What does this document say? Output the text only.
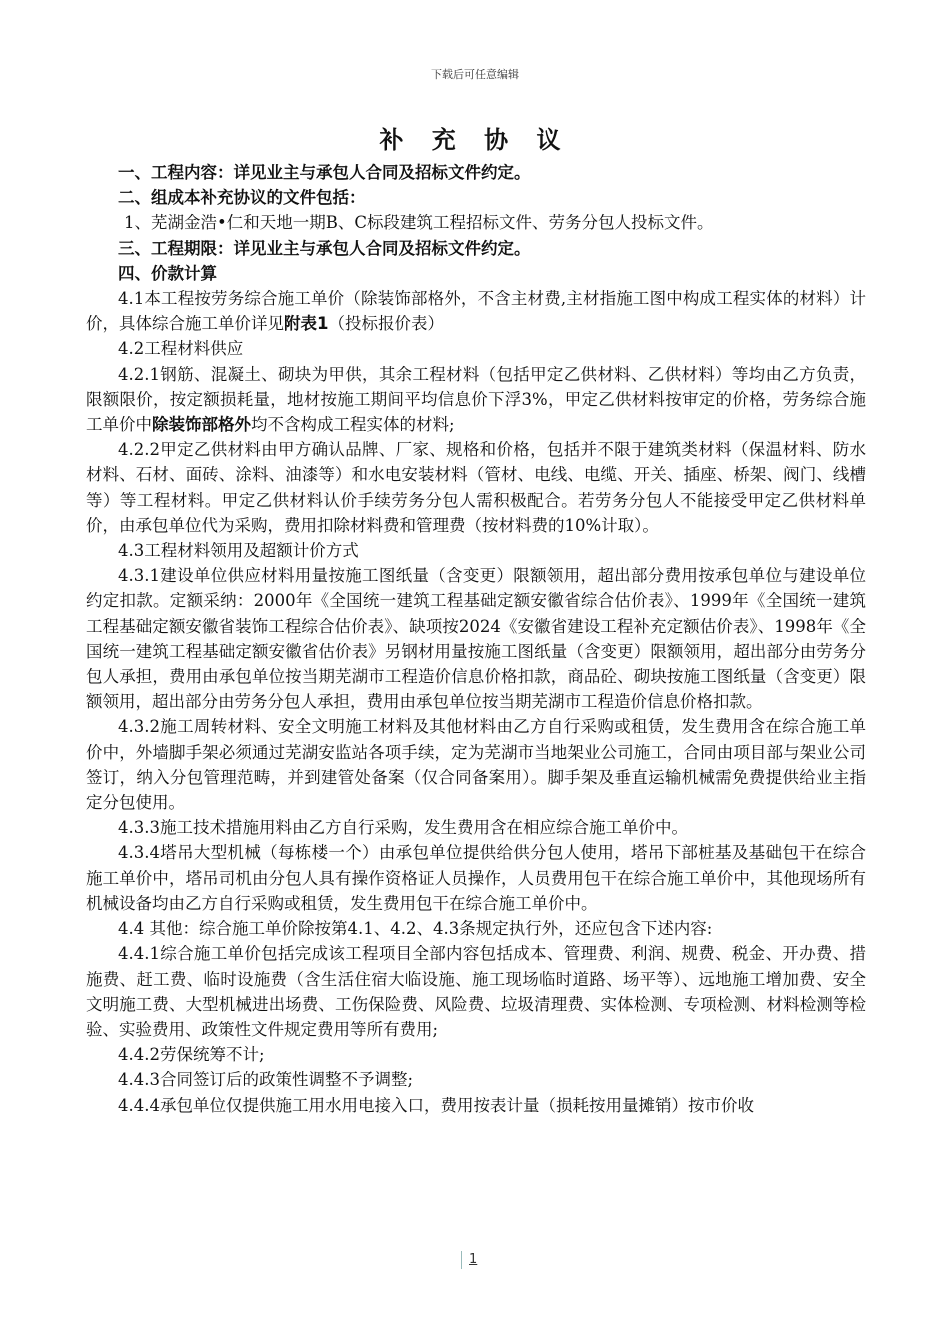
下载后可任意编辑
补 充 协 议

一、工程内容：详见业主与承包人合同及招标文件约定。

二、组成本补充协议的文件包括：

1、芜湖金浩•仁和天地一期B、C标段建筑工程招标文件、劳务分包人投标文件。

三、工程期限：详见业主与承包人合同及招标文件约定。

四、价款计算

4.1本工程按劳务综合施工单价（除装饰部格外，不含主材费,主材指施工图中构成工程实体的材料）计价，具体综合施工单价详见附表1（投标报价表）

4.2工程材料供应

4.2.1钢筋、混凝土、砌块为甲供，其余工程材料（包括甲定乙供材料、乙供材料）等均由乙方负责，限额限价，按定额损耗量，地材按施工期间平均信息价下浮3%，甲定乙供材料按审定的价格，劳务综合施工单价中除装饰部格外均不含构成工程实体的材料;

4.2.2甲定乙供材料由甲方确认品牌、厂家、规格和价格，包括并不限于建筑类材料（保温材料、防水材料、石材、面砖、涂料、油漆等）和水电安装材料（管材、电线、电缆、开关、插座、桥架、阀门、线槽等）等工程材料。甲定乙供材料认价手续劳务分包人需积极配合。若劳务分包人不能接受甲定乙供材料单价，由承包单位代为采购，费用扣除材料费和管理费（按材料费的10%计取）。

4.3工程材料领用及超额计价方式

4.3.1建设单位供应材料用量按施工图纸量（含变更）限额领用，超出部分费用按承包单位与建设单位约定扣款。定额采纳：2000年《全国统一建筑工程基础定额安徽省综合估价表》、1999年《全国统一建筑工程基础定额安徽省装饰工程综合估价表》、缺项按2024《安徽省建设工程补充定额估价表》、1998年《全国统一建筑工程基础定额安徽省估价表》另钢材用量按施工图纸量（含变更）限额领用，超出部分由劳务分包人承担，费用由承包单位按当期芜湖市工程造价信息价格扣款，商品砼、砌块按施工图纸量（含变更）限额领用，超出部分由劳务分包人承担，费用由承包单位按当期芜湖市工程造价信息价格扣款。

4.3.2施工周转材料、安全文明施工材料及其他材料由乙方自行采购或租赁，发生费用含在综合施工单价中，外墙脚手架必须通过芜湖安监站各项手续，定为芜湖市当地架业公司施工，合同由项目部与架业公司签订，纳入分包管理范畴，并到建管处备案（仅合同备案用）。脚手架及垂直运输机械需免费提供给业主指定分包使用。

4.3.3施工技术措施用料由乙方自行采购，发生费用含在相应综合施工单价中。

4.3.4塔吊大型机械（每栋楼一个）由承包单位提供给供分包人使用，塔吊下部桩基及基础包干在综合施工单价中，塔吊司机由分包人具有操作资格证人员操作，人员费用包干在综合施工单价中，其他现场所有机械设备均由乙方自行采购或租赁，发生费用包干在综合施工单价中。

4.4 其他：综合施工单价除按第4.1、4.2、4.3条规定执行外，还应包含下述内容:

4.4.1综合施工单价包括完成该工程项目全部内容包括成本、管理费、利润、规费、税金、开办费、措施费、赶工费、临时设施费（含生活住宿大临设施、施工现场临时道路、场平等）、远地施工增加费、安全文明施工费、大型机械进出场费、工伤保险费、风险费、垃圾清理费、实体检测、专项检测、材料检测等检验、实验费用、政策性文件规定费用等所有费用;

4.4.2劳保统筹不计;

4.4.3合同签订后的政策性调整不予调整;

4.4.4承包单位仅提供施工用水用电接入口，费用按表计量（损耗按用量摊销）按市价收

1
